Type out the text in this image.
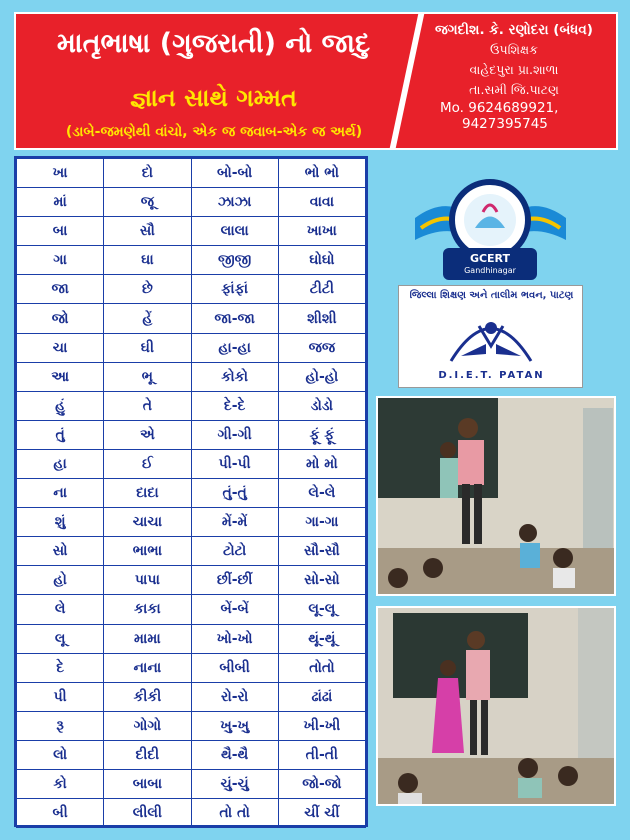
માતૃભાષા (ગુજરાતી) નો જાદુ
જ્ઞાન સાથે ગમ્મત
(ડાબે-જમણેથી વાંચો, એક જ જવાબ-એક જ અર્થ)
જગદીશ. કે. રણોદરા (બંધવ)
ઉપશિક્ષક
વાહેદપુરા પ્રા.શાળા
તા.સમી જિ.પાટણ
Mo. 9624689921,
9427395745
ખા	દો	બો-બો	ભો ભો
માં	જૂ	ઝાઝા	વાવા
બા	સૌ	લાલા	ખાખા
ગા	ઘા	જીજી	ઘોઘો
જા	છે	ફાંફાં	ટીટી
જો	હેં	જા-જા	શીશી
ચા	ઘી	હા-હા	જજ
આ	ભૂ	કોકો	હો-હો
હું	તે	દે-દે	ડોડો
તું	એ	ગી-ગી	ફૂં ફૂં
હા	ઈ	પી-પી	મો મો
ના	દાદા	તું-તું	લે-લે
શું	ચાચા	મેં-મેં	ગા-ગા
સો	ભાભા	ટોટો	સૌ-સૌ
હો	પાપા	છીં-છીં	સો-સો
લે	કાકા	બેં-બેં	લૂ-લૂ
લૂ	મામા	ખો-ખો	થૂં-થૂં
દે	નાના	બીબી	તોતો
પી	કીકી	રો-રો	ઢાંઢાં
રૂ	ગોગો	ખુ-ખુ	ખી-ખી
લો	દીદી	થૈ-થૈ	તી-તી
કો	બાબા	ચું-ચું	જો-જો
બી	લીલી	તો તો	ચીં ચીં
GCERT
Gandhinagar
જિલ્લા શિક્ષણ અને તાલીમ ભવન, પાટણ
D.I.E.T. PATAN
